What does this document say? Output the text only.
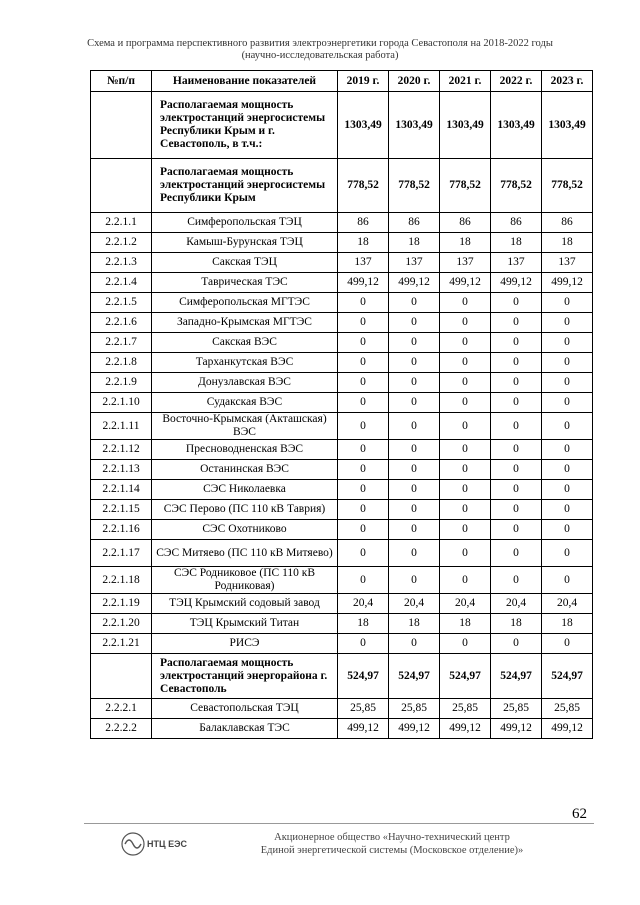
Схема и программа перспективного развития электроэнергетики города Севастополя на 2018-2022 годы
(научно-исследовательская работа)
№п/п	Наименование показателей	2019 г.	2020 г.	2021 г.	2022 г.	2023 г.
	Располагаемая мощность электростанций энергосистемы Республики Крым и г. Севастополь, в т.ч.:	1303,49	1303,49	1303,49	1303,49	1303,49
	Располагаемая мощность электростанций энергосистемы Республики Крым	778,52	778,52	778,52	778,52	778,52
2.2.1.1	Симферопольская ТЭЦ	86	86	86	86	86
2.2.1.2	Камыш-Бурунская ТЭЦ	18	18	18	18	18
2.2.1.3	Сакская ТЭЦ	137	137	137	137	137
2.2.1.4	Таврическая ТЭС	499,12	499,12	499,12	499,12	499,12
2.2.1.5	Симферопольская МГТЭС	0	0	0	0	0
2.2.1.6	Западно-Крымская МГТЭС	0	0	0	0	0
2.2.1.7	Сакская ВЭС	0	0	0	0	0
2.2.1.8	Тарханкутская ВЭС	0	0	0	0	0
2.2.1.9	Донузлавская ВЭС	0	0	0	0	0
2.2.1.10	Судакская ВЭС	0	0	0	0	0
2.2.1.11	Восточно-Крымская (Акташская) ВЭС	0	0	0	0	0
2.2.1.12	Пресноводненская ВЭС	0	0	0	0	0
2.2.1.13	Останинская ВЭС	0	0	0	0	0
2.2.1.14	СЭС Николаевка	0	0	0	0	0
2.2.1.15	СЭС Перово (ПС 110 кВ Таврия)	0	0	0	0	0
2.2.1.16	СЭС Охотниково	0	0	0	0	0
2.2.1.17	СЭС Митяево (ПС 110 кВ Митяево)	0	0	0	0	0
2.2.1.18	СЭС Родниковое (ПС 110 кВ Родниковая)	0	0	0	0	0
2.2.1.19	ТЭЦ Крымский содовый завод	20,4	20,4	20,4	20,4	20,4
2.2.1.20	ТЭЦ Крымский Титан	18	18	18	18	18
2.2.1.21	РИСЭ	0	0	0	0	0
	Располагаемая мощность электростанций энергорайона г. Севастополь	524,97	524,97	524,97	524,97	524,97
2.2.2.1	Севастопольская ТЭЦ	25,85	25,85	25,85	25,85	25,85
2.2.2.2	Балаклавская ТЭС	499,12	499,12	499,12	499,12	499,12
62
НТЦ ЕЭС
Акционерное общество «Научно-технический центр
Единой энергетической системы (Московское отделение)»
